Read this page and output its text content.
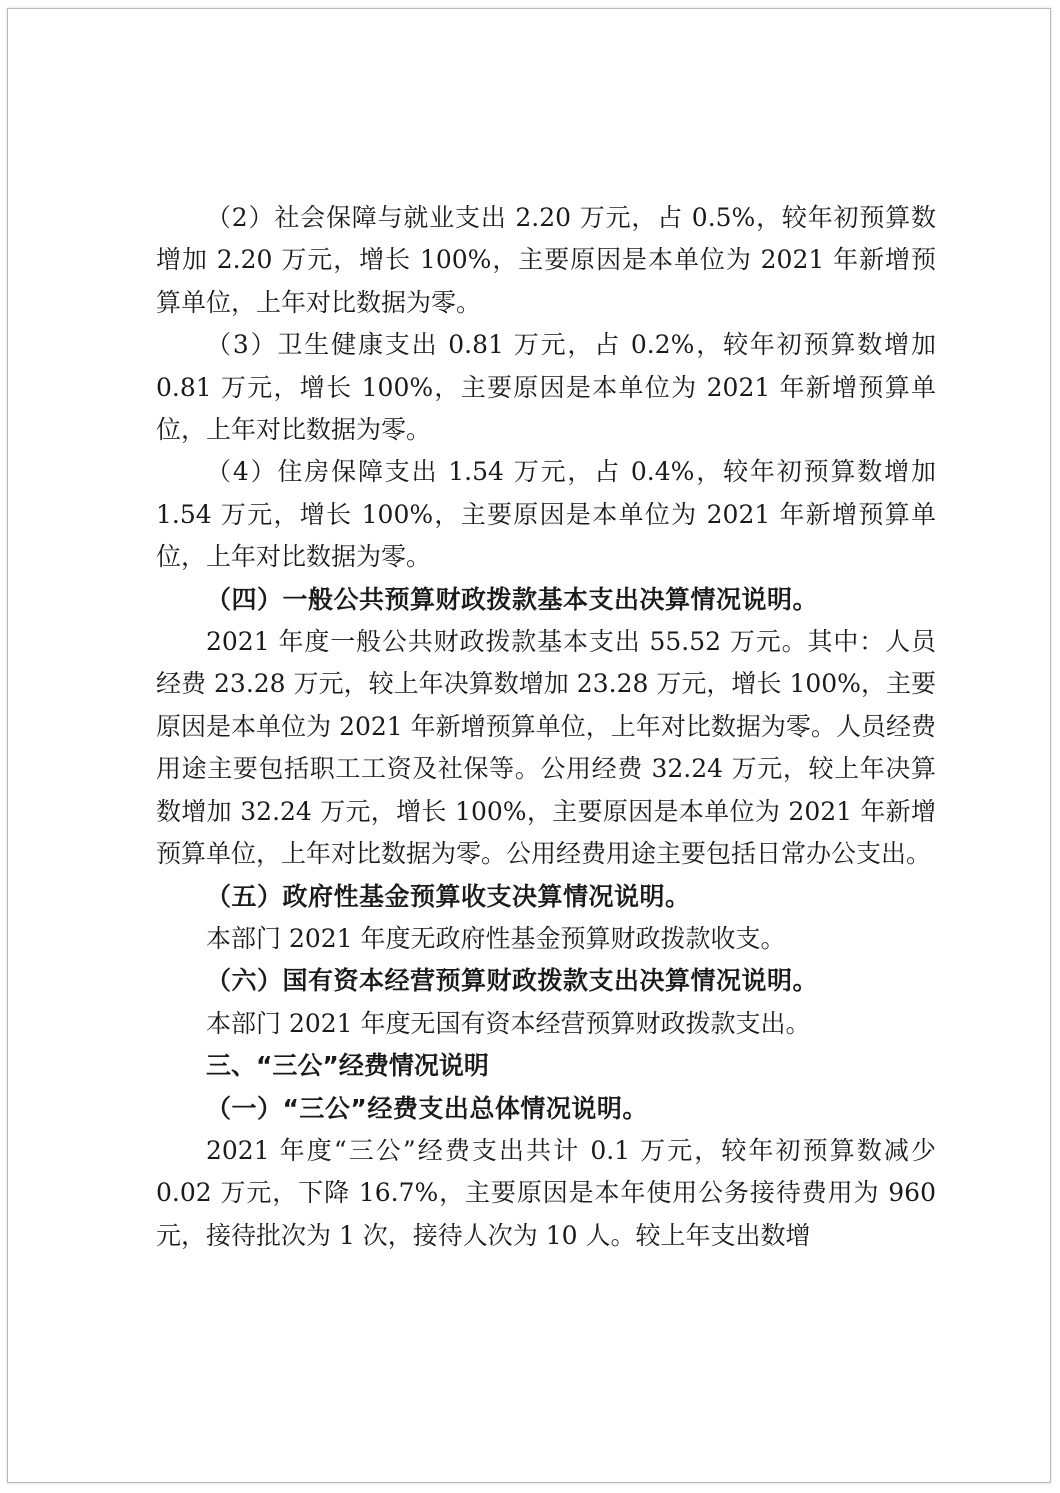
（2）社会保障与就业支出 2.20 万元，占 0.5%，较年初预算数增加 2.20 万元，增长 100%，主要原因是本单位为 2021 年新增预算单位，上年对比数据为零。

（3）卫生健康支出 0.81 万元，占 0.2%，较年初预算数增加 0.81 万元，增长 100%，主要原因是本单位为 2021 年新增预算单位，上年对比数据为零。

（4）住房保障支出 1.54 万元，占 0.4%，较年初预算数增加 1.54 万元，增长 100%，主要原因是本单位为 2021 年新增预算单位，上年对比数据为零。

（四）一般公共预算财政拨款基本支出决算情况说明。

2021 年度一般公共财政拨款基本支出 55.52 万元。其中：人员经费 23.28 万元，较上年决算数增加 23.28 万元，增长 100%，主要原因是本单位为 2021 年新增预算单位，上年对比数据为零。人员经费用途主要包括职工工资及社保等。公用经费 32.24 万元，较上年决算数增加 32.24 万元，增长 100%，主要原因是本单位为 2021 年新增预算单位，上年对比数据为零。公用经费用途主要包括日常办公支出。

（五）政府性基金预算收支决算情况说明。

本部门 2021 年度无政府性基金预算财政拨款收支。

（六）国有资本经营预算财政拨款支出决算情况说明。

本部门 2021 年度无国有资本经营预算财政拨款支出。

三、“三公”经费情况说明

（一）“三公”经费支出总体情况说明。

2021 年度“三公”经费支出共计 0.1 万元，较年初预算数减少 0.02 万元，下降 16.7%，主要原因是本年使用公务接待费用为 960 元，接待批次为 1 次，接待人次为 10 人。较上年支出数增
